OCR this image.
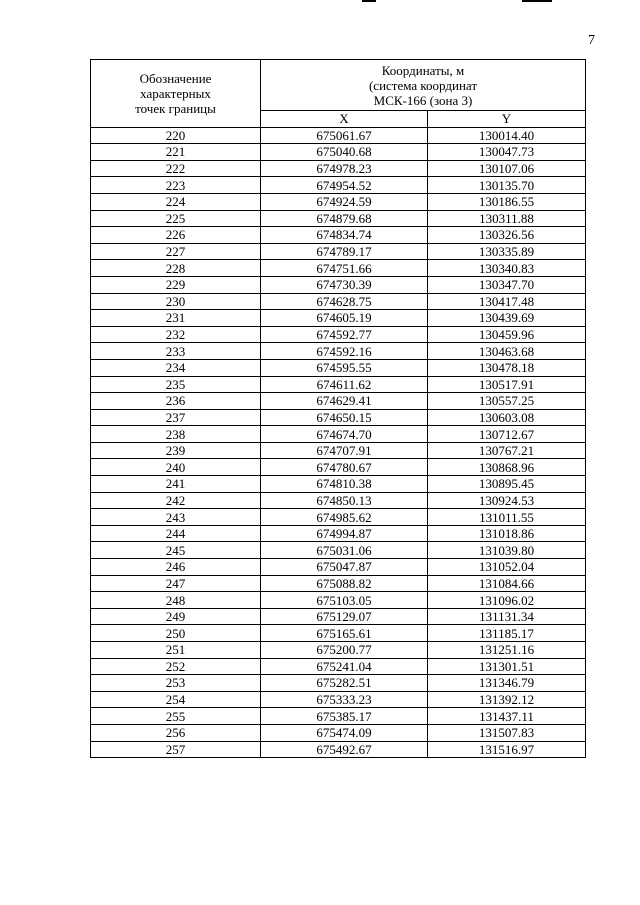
7
Обозначение
характерных
точек границы	Координаты, м
(система координат
МСК-166 (зона 3)	

	X	Y
220	675061.67	130014.40
221	675040.68	130047.73
222	674978.23	130107.06
223	674954.52	130135.70
224	674924.59	130186.55
225	674879.68	130311.88
226	674834.74	130326.56
227	674789.17	130335.89
228	674751.66	130340.83
229	674730.39	130347.70
230	674628.75	130417.48
231	674605.19	130439.69
232	674592.77	130459.96
233	674592.16	130463.68
234	674595.55	130478.18
235	674611.62	130517.91
236	674629.41	130557.25
237	674650.15	130603.08
238	674674.70	130712.67
239	674707.91	130767.21
240	674780.67	130868.96
241	674810.38	130895.45
242	674850.13	130924.53
243	674985.62	131011.55
244	674994.87	131018.86
245	675031.06	131039.80
246	675047.87	131052.04
247	675088.82	131084.66
248	675103.05	131096.02
249	675129.07	131131.34
250	675165.61	131185.17
251	675200.77	131251.16
252	675241.04	131301.51
253	675282.51	131346.79
254	675333.23	131392.12
255	675385.17	131437.11
256	675474.09	131507.83
257	675492.67	131516.97
